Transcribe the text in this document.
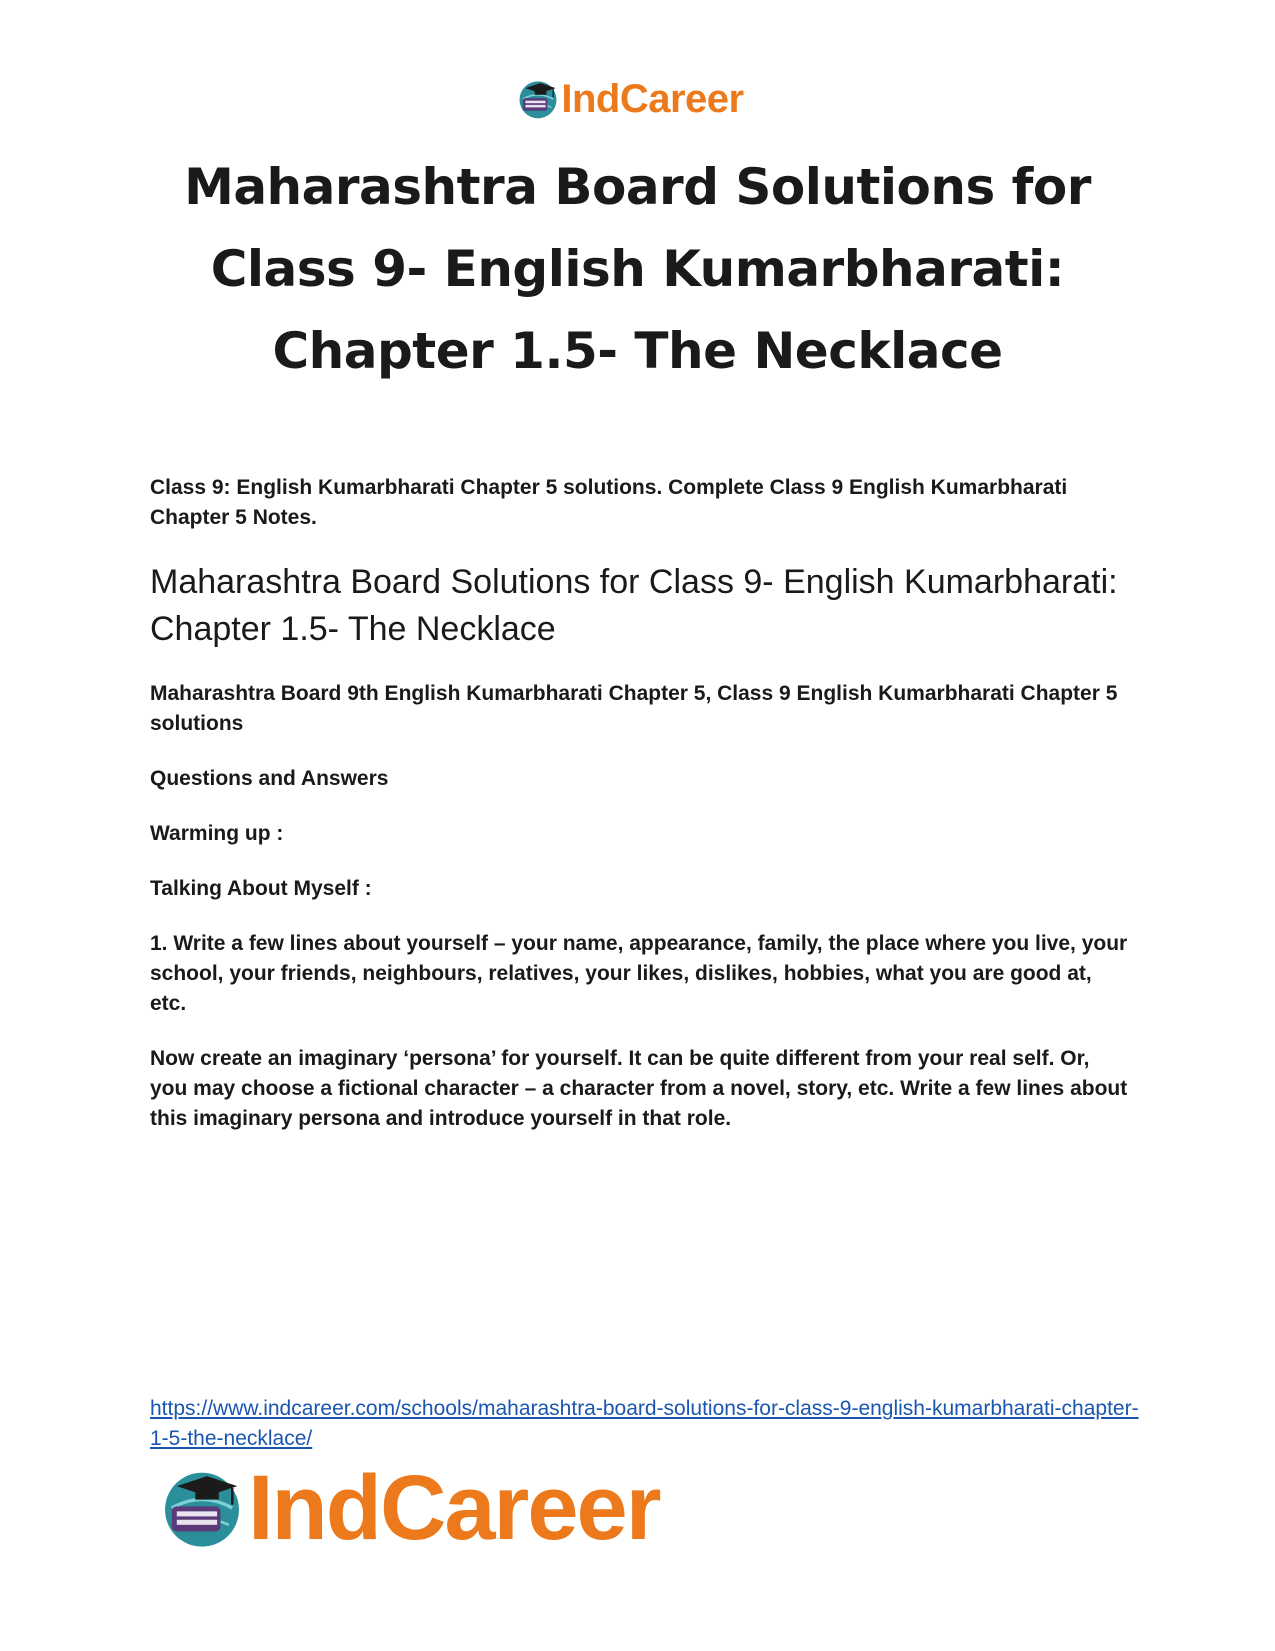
IndCareer
Maharashtra Board Solutions for Class 9- English Kumarbharati: Chapter 1.5- The Necklace

Class 9: English Kumarbharati Chapter 5 solutions. Complete Class 9 English Kumarbharati Chapter 5 Notes.

Maharashtra Board Solutions for Class 9- English Kumarbharati: Chapter 1.5- The Necklace

Maharashtra Board 9th English Kumarbharati Chapter 5, Class 9 English Kumarbharati Chapter 5 solutions

Questions and Answers

Warming up :

Talking About Myself :

1. Write a few lines about yourself – your name, appearance, family, the place where you live, your school, your friends, neighbours, relatives, your likes, dislikes, hobbies, what you are good at, etc.

Now create an imaginary ‘persona’ for yourself. It can be quite different from your real self. Or, you may choose a fictional character – a character from a novel, story, etc. Write a few lines about this imaginary persona and introduce yourself in that role.

https://www.indcareer.com/schools/maharashtra-board-solutions-for-class-9-english-kumarbharati-chapter-1-5-the-necklace/
IndCareer
